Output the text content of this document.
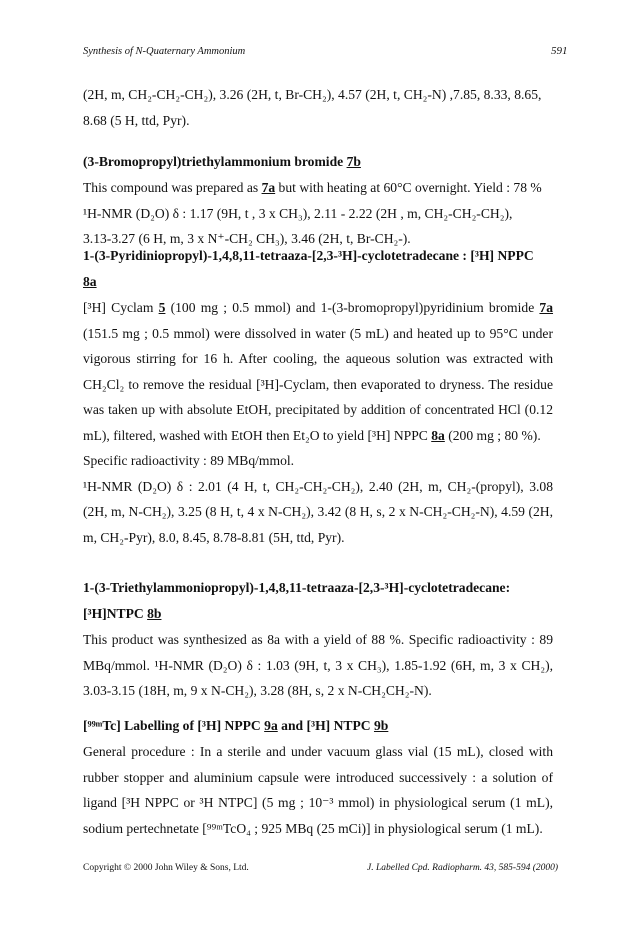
Synthesis of N-Quaternary Ammonium	591

(2H, m, CH₂-CH₂-CH₂), 3.26 (2H, t, Br-CH₂), 4.57 (2H, t, CH₂-N) ,7.85, 8.33, 8.65,
8.68 (5 H, ttd, Pyr).

(3-Bromopropyl)triethylammonium bromide 7b

This compound was prepared as 7a but with heating at 60°C overnight. Yield : 78 %
¹H-NMR (D₂O) δ : 1.17 (9H, t , 3 x CH₃), 2.11 - 2.22 (2H , m, CH₂-CH₂-CH₂),
3.13-3.27 (6 H, m, 3 x N⁺-CH₂ CH₃), 3.46 (2H, t, Br-CH₂-).

1-(3-Pyridiniopropyl)-1,4,8,11-tetraaza-[2,3-³H]-cyclotetradecane : [³H] NPPC
8a

[³H] Cyclam 5 (100 mg ; 0.5 mmol) and 1-(3-bromopropyl)pyridinium bromide 7a (151.5 mg ; 0.5 mmol) were dissolved in water (5 mL) and heated up to 95°C under vigorous stirring for 16 h. After cooling, the aqueous solution was extracted with CH₂Cl₂ to remove the residual [³H]-Cyclam, then evaporated to dryness. The residue was taken up with absolute EtOH, precipitated by addition of concentrated HCl (0.12 mL), filtered, washed with EtOH then Et₂O to yield [³H] NPPC 8a (200 mg ; 80 %).
Specific radioactivity : 89 MBq/mmol.
¹H-NMR (D₂O) δ : 2.01 (4 H, t, CH₂-CH₂-CH₂), 2.40 (2H, m, CH₂-(propyl), 3.08 (2H, m, N-CH₂), 3.25 (8 H, t, 4 x N-CH₂), 3.42 (8 H, s, 2 x N-CH₂-CH₂-N), 4.59 (2H, m, CH₂-Pyr), 8.0, 8.45, 8.78-8.81 (5H, ttd, Pyr).

1-(3-Triethylammoniopropyl)-1,4,8,11-tetraaza-[2,3-³H]-cyclotetradecane:
[³H]NTPC 8b

This product was synthesized as 8a with a yield of 88 %. Specific radioactivity : 89 MBq/mmol. ¹H-NMR (D₂O) δ : 1.03 (9H, t, 3 x CH₃), 1.85-1.92 (6H, m, 3 x CH₂), 3.03-3.15 (18H, m, 9 x N-CH₂), 3.28 (8H, s, 2 x N-CH₂CH₂-N).

[⁹⁹ᵐTc] Labelling of [³H] NPPC 9a and [³H] NTPC 9b

General procedure : In a sterile and under vacuum glass vial (15 mL), closed with rubber stopper and aluminium capsule were introduced successively : a solution of ligand [³H NPPC or ³H NTPC] (5 mg ; 10⁻³ mmol) in physiological serum (1 mL), sodium pertechnetate [⁹⁹ᵐTcO₄ ; 925 MBq (25 mCi)] in physiological serum (1 mL).

Copyright © 2000 John Wiley & Sons, Ltd.	J. Labelled Cpd. Radiopharm. 43, 585-594 (2000)
